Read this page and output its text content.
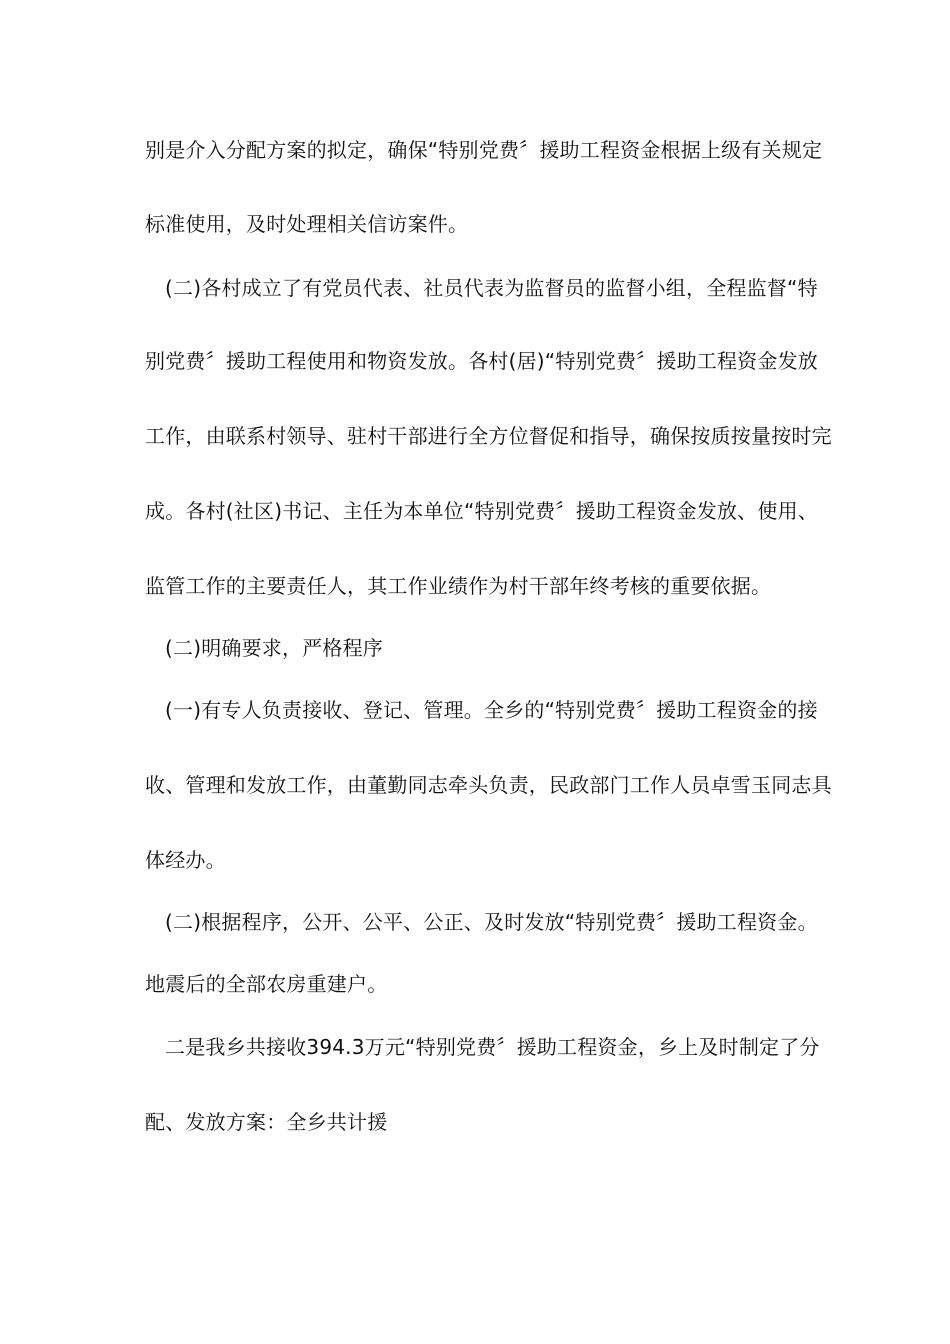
别是介入分配方案的拟定，确保“特别党费〞援助工程资金根据上级有关规定
标准使用，及时处理相关信访案件。
(二)各村成立了有党员代表、社员代表为监督员的监督小组，全程监督“特
别党费〞援助工程使用和物资发放。各村(居)“特别党费〞援助工程资金发放
工作，由联系村领导、驻村干部进行全方位督促和指导，确保按质按量按时完
成。各村(社区)书记、主任为本单位“特别党费〞援助工程资金发放、使用、
监管工作的主要责任人，其工作业绩作为村干部年终考核的重要依据。
(二)明确要求，严格程序
(一)有专人负责接收、登记、管理。全乡的“特别党费〞援助工程资金的接
收、管理和发放工作，由董勤同志牵头负责，民政部门工作人员卓雪玉同志具
体经办。
(二)根据程序，公开、公平、公正、及时发放“特别党费〞援助工程资金。
地震后的全部农房重建户。
二是我乡共接收394.3万元“特别党费〞援助工程资金，乡上及时制定了分
配、发放方案：全乡共计援
